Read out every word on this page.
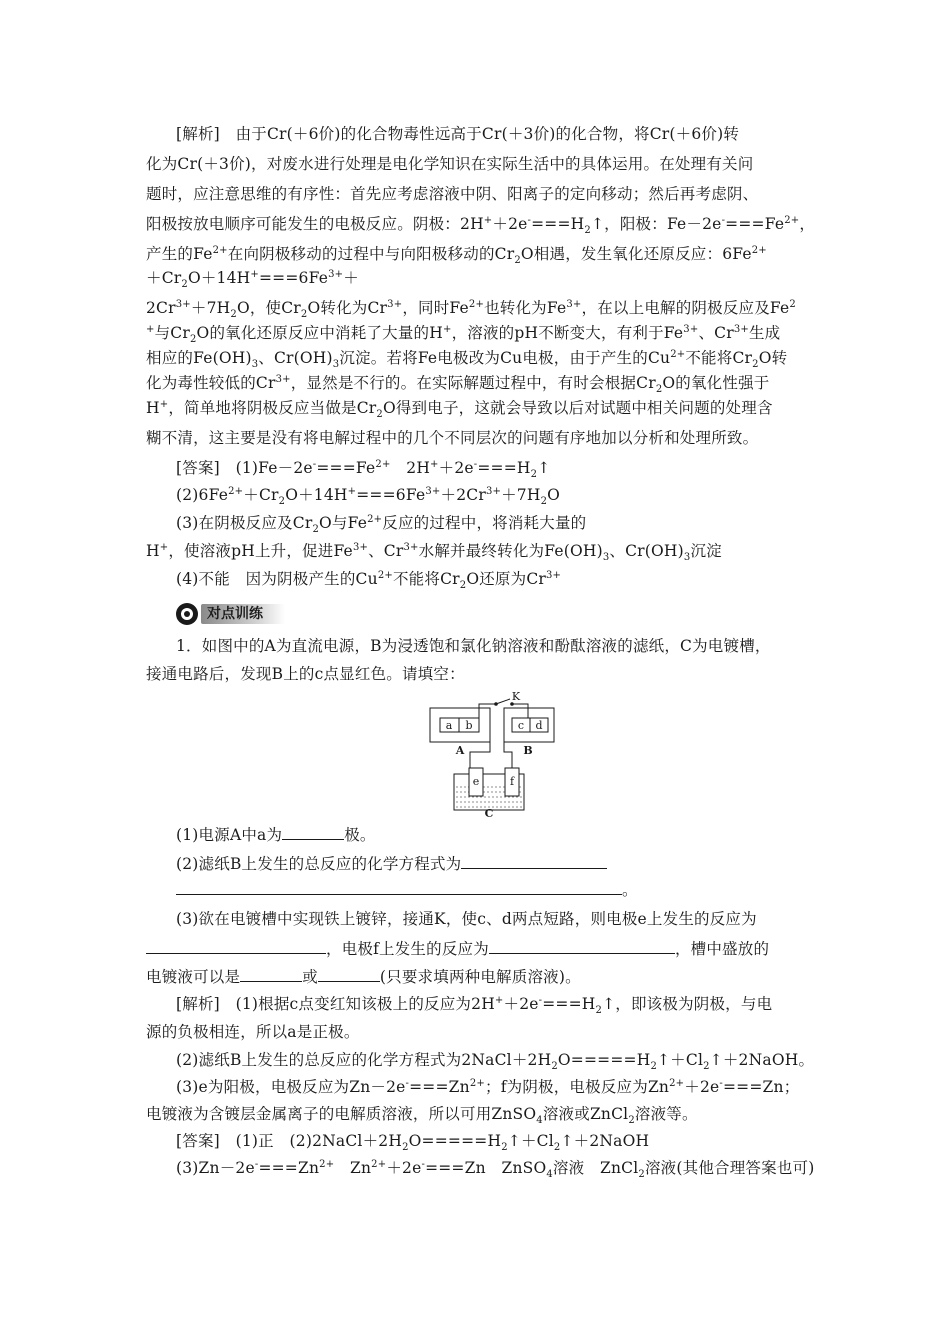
[解析]　由于Cr(＋6价)的化合物毒性远高于Cr(＋3价)的化合物，将Cr(＋6价)转
化为Cr(＋3价)，对废水进行处理是电化学知识在实际生活中的具体运用。在处理有关问
题时，应注意思维的有序性：首先应考虑溶液中阴、阳离子的定向移动；然后再考虑阴、
阳极按放电顺序可能发生的电极反应。阴极：$2H^++2e^-===H_2↑$，阳极：$Fe-2e^-===Fe^{2+}$，
产生的$Fe^{2+}$在向阴极移动的过程中与向阳极移动的$Cr_2O$相遇，发生氧化还原反应：$6Fe^{2+}$
$+Cr_2O+14H^+===6Fe^{3+}+$
$2Cr^{3+}+7H_2O$，使$Cr_2O$转化为$Cr^{3+}$，同时$Fe^{2+}$也转化为$Fe^{3+}$，在以上电解的阴极反应及Fe$^2$
+与$Cr_2O$的氧化还原反应中消耗了大量的H+，溶液的pH不断变大，有利于$Fe^{3+}$、$Cr^{3+}$生成
相应的$Fe(OH)_3$、$Cr(OH)_3$沉淀。若将Fe电极改为Cu电极，由于产生的$Cu^{2+}$不能将$Cr_2O$转
化为毒性较低的$Cr^{3+}$，显然是不行的。在实际解题过程中，有时会根据$Cr_2O$的氧化性强于
H+，简单地将阴极反应当做是$Cr_2O$得到电子，这就会导致以后对试题中相关问题的处理含
糊不清，这主要是没有将电解过程中的几个不同层次的问题有序地加以分析和处理所致。
[答案]　$(1)Fe-2e^-===Fe^{2+}$　$2H^++2e^-===H_2↑$
$(2)6Fe^{2+}+Cr_2O+14H^+===6Fe^{3+}+2Cr^{3+}+7H_2O$
(3)在阴极反应及$Cr_2O$与$Fe^{2+}$反应的过程中，将消耗大量的
H+，使溶液pH上升，促进$Fe^{3+}$、$Cr^{3+}$水解并最终转化为$Fe(OH)_3$、$Cr(OH)_3$沉淀
(4)不能　因为阴极产生的$Cu^{2+}$不能将$Cr_2O$还原为$Cr^{3+}$
对点训练
1．如图中的A为直流电源，B为浸透饱和氯化钠溶液和酚酞溶液的滤纸，C为电镀槽，
接通电路后，发现B上的c点显红色。请填空：
K
a b	c d
A	B
e	f
C
(1)电源A中a为	极。
(2)滤纸B上发生的总反应的化学方程式为
。
(3)欲在电镀槽中实现铁上镀锌，接通K，使c、d两点短路，则电极e上发生的反应为
，电极f上发生的反应为	，槽中盛放的
电镀液可以是	或	(只要求填两种电解质溶液)。
[解析]　(1)根据c点变红知该极上的反应为$2H^++2e^-===H_2↑$，即该极为阴极，与电
源的负极相连，所以a是正极。
(2)滤纸B上发生的总反应的化学方程式为$2NaCl+2H_2O=====H_2↑+Cl_2↑+2NaOH$。
(3)e为阳极，电极反应为$Zn-2e^-===Zn^{2+}$；f为阴极，电极反应为$Zn^{2+}+2e^-===Zn$；
电镀液为含镀层金属离子的电解质溶液，所以可用ZnSO$_4$溶液或ZnCl$_2$溶液等。
[答案]　(1)正　$(2)2NaCl+2H_2O=====H_2↑+Cl_2↑+2NaOH$
$(3)Zn-2e^-===Zn^{2+}$　$Zn^{2+}+2e^-===Zn$　ZnSO$_4$溶液　ZnCl$_2$溶液(其他合理答案也可)
